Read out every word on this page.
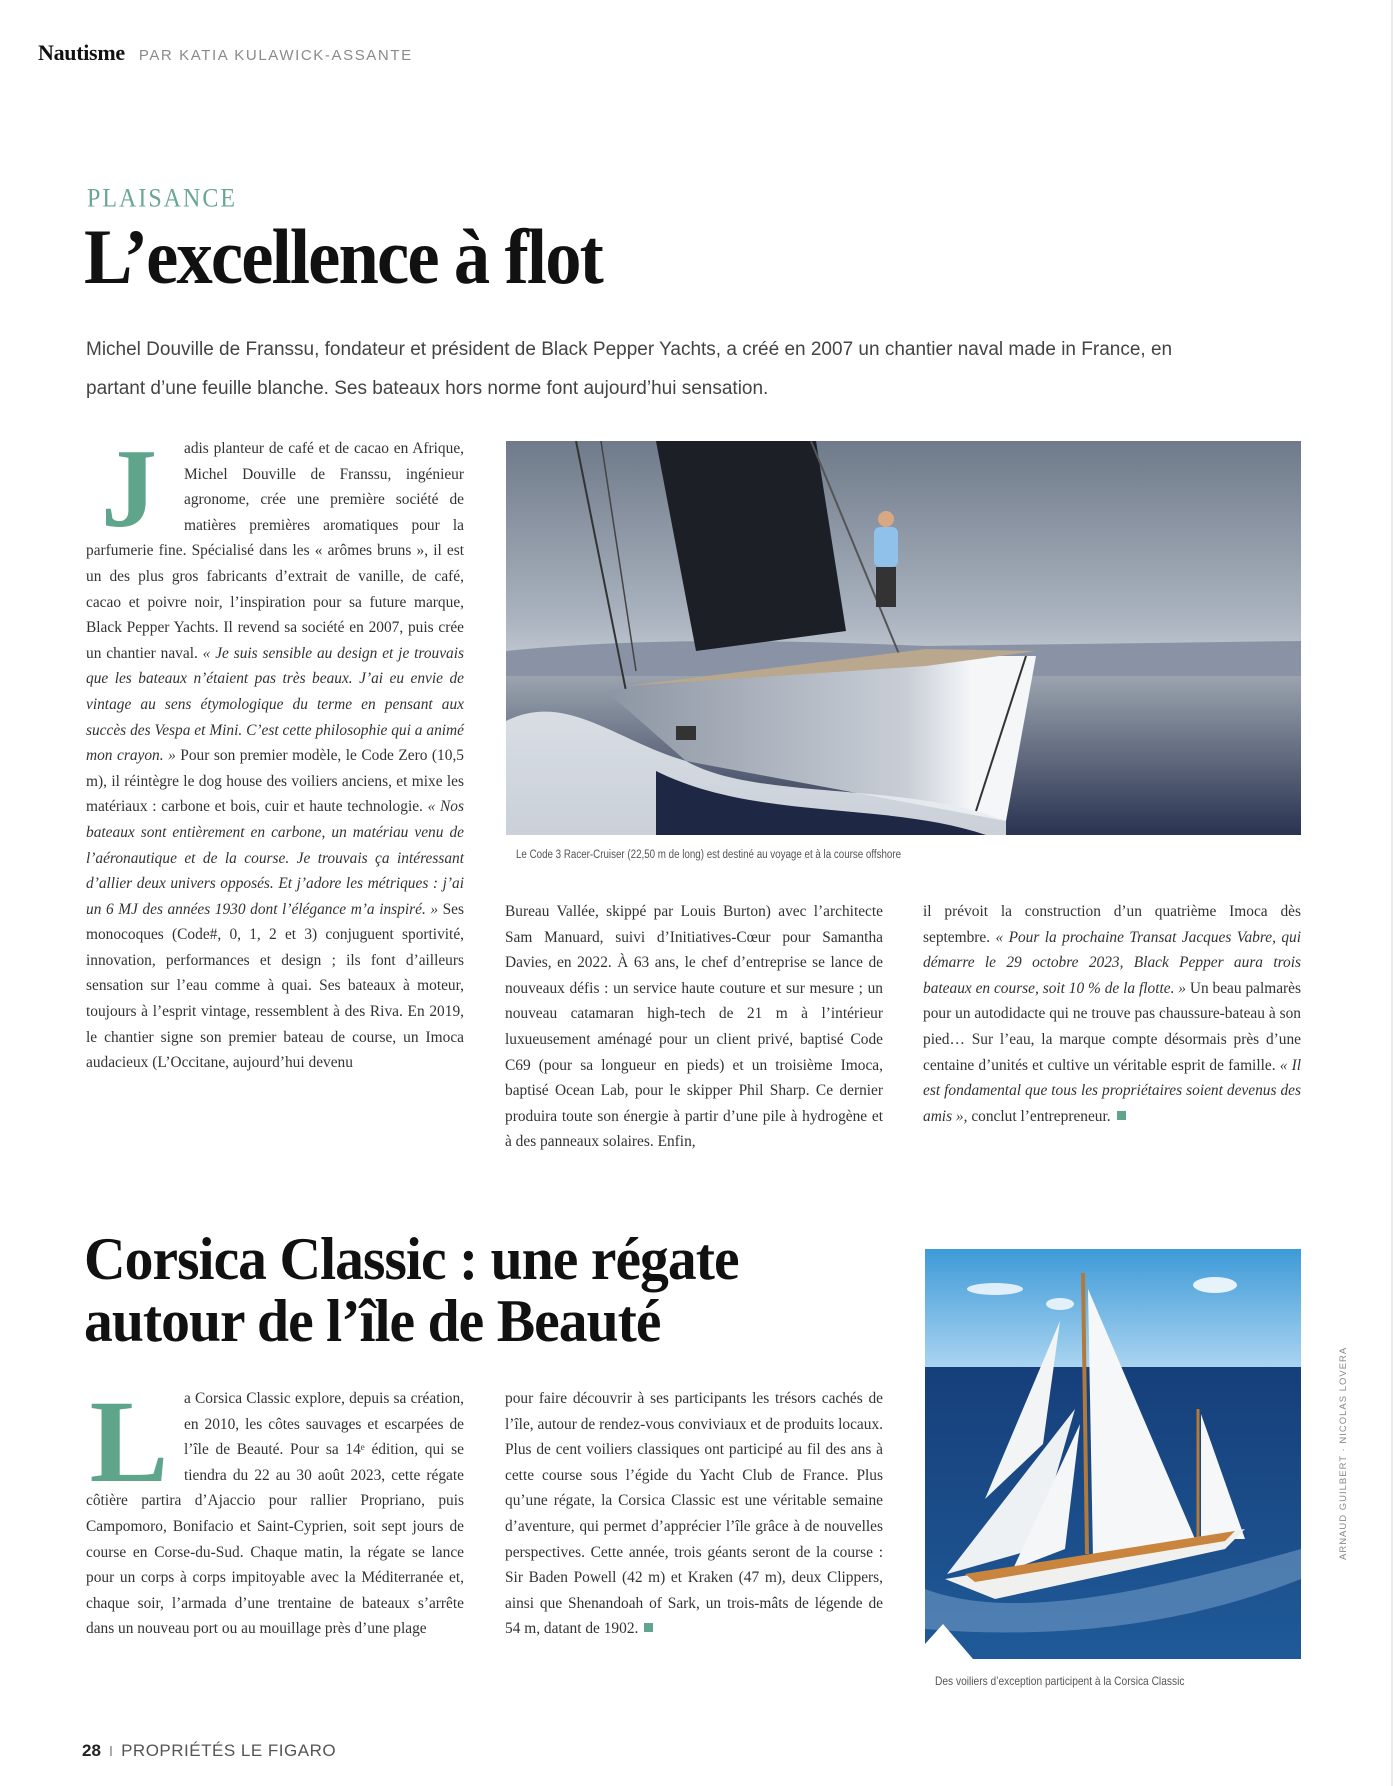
Nautisme PAR KATIA KULAWICK-ASSANTE
PLAISANCE
L’excellence à flot

Michel Douville de Franssu, fondateur et président de Black Pepper Yachts, a créé en 2007 un chantier naval made in France, en partant d’une feuille blanche. Ses bateaux hors norme font aujourd’hui sensation.

J	adis planteur de café et de cacao en Afrique, Michel Douville de Franssu, ingénieur agronome, crée une première société de matières premières aromatiques pour la parfumerie fine. Spécialisé dans les « arômes bruns », il est un des plus gros fabricants d’extrait de vanille, de café, cacao et poivre noir, l’inspiration pour sa future marque, Black Pepper Yachts. Il revend sa société en 2007, puis crée un chantier naval. « Je suis sensible au design et je trouvais que les bateaux n’étaient pas très beaux. J’ai eu envie de vintage au sens étymologique du terme en pensant aux succès des Vespa et Mini. C’est cette philosophie qui a animé mon crayon. » Pour son premier modèle, le Code Zero (10,5 m), il réintègre le dog house des voiliers anciens, et mixe les matériaux : carbone et bois, cuir et haute technologie. « Nos bateaux sont entièrement en carbone, un matériau venu de l’aéronautique et de la course. Je trouvais ça intéressant d’allier deux univers opposés. Et j’adore les métriques : j’ai un 6 MJ des années 1930 dont l’élégance m’a inspiré. » Ses monocoques (Code#, 0, 1, 2 et 3) conjuguent sportivité, innovation, performances et design ; ils font d’ailleurs sensation sur l’eau comme à quai. Ses bateaux à moteur, toujours à l’esprit vintage, ressemblent à des Riva. En 2019, le chantier signe son premier bateau de course, un Imoca audacieux (L’Occitane, aujourd’hui devenu
Le Code 3 Racer-Cruiser (22,50 m de long) est destiné au voyage et à la course offshore
Bureau Vallée, skippé par Louis Burton) avec l’architecte Sam Manuard, suivi d’Initiatives-Cœur pour Samantha Davies, en 2022. À 63 ans, le chef d’entreprise se lance de nouveaux défis : un service haute couture et sur mesure ; un nouveau catamaran high-tech de 21 m à l’intérieur luxueusement aménagé pour un client privé, baptisé Code C69 (pour sa longueur en pieds) et un troisième Imoca, baptisé Ocean Lab, pour le skipper Phil Sharp. Ce dernier produira toute son énergie à partir d’une pile à hydrogène et à des panneaux solaires. Enfin,
il prévoit la construction d’un quatrième Imoca dès septembre. « Pour la prochaine Transat Jacques Vabre, qui démarre le 29 octobre 2023, Black Pepper aura trois bateaux en course, soit 10 % de la flotte. » Un beau palmarès pour un autodidacte qui ne trouve pas chaussure-bateau à son pied… Sur l’eau, la marque compte désormais près d’une centaine d’unités et cultive un véritable esprit de famille. « Il est fondamental que tous les propriétaires soient devenus des amis », conclut l’entrepreneur.
Corsica Classic : une régate
autour de l’île de Beauté
L a Corsica Classic explore, depuis sa création, en 2010, les côtes sauvages et escarpées de l’île de Beauté. Pour sa 14ᵉ édition, qui se tiendra du 22 au 30 août 2023, cette régate côtière partira d’Ajaccio pour rallier Propriano, puis Campomoro, Bonifacio et Saint-Cyprien, soit sept jours de course en Corse-du-Sud. Chaque matin, la régate se lance pour un corps à corps impitoyable avec la Méditerranée et, chaque soir, l’armada d’une trentaine de bateaux s’arrête dans un nouveau port ou au mouillage près d’une plage
pour faire découvrir à ses participants les trésors cachés de l’île, autour de rendez-vous conviviaux et de produits locaux. Plus de cent voiliers classiques ont participé au fil des ans à cette course sous l’égide du Yacht Club de France. Plus qu’une régate, la Corsica Classic est une véritable semaine d’aventure, qui permet d’apprécier l’île grâce à de nouvelles perspectives. Cette année, trois géants seront de la course : Sir Baden Powell (42 m) et Kraken (47 m), deux Clippers, ainsi que Shenandoah of Sark, un trois-mâts de légende de 54 m, datant de 1902.
Des voiliers d’exception participent à la Corsica Classic
ARNAUD GUILBERT · NICOLAS LOVERA
28 I PROPRIÉTÉS LE FIGARO
